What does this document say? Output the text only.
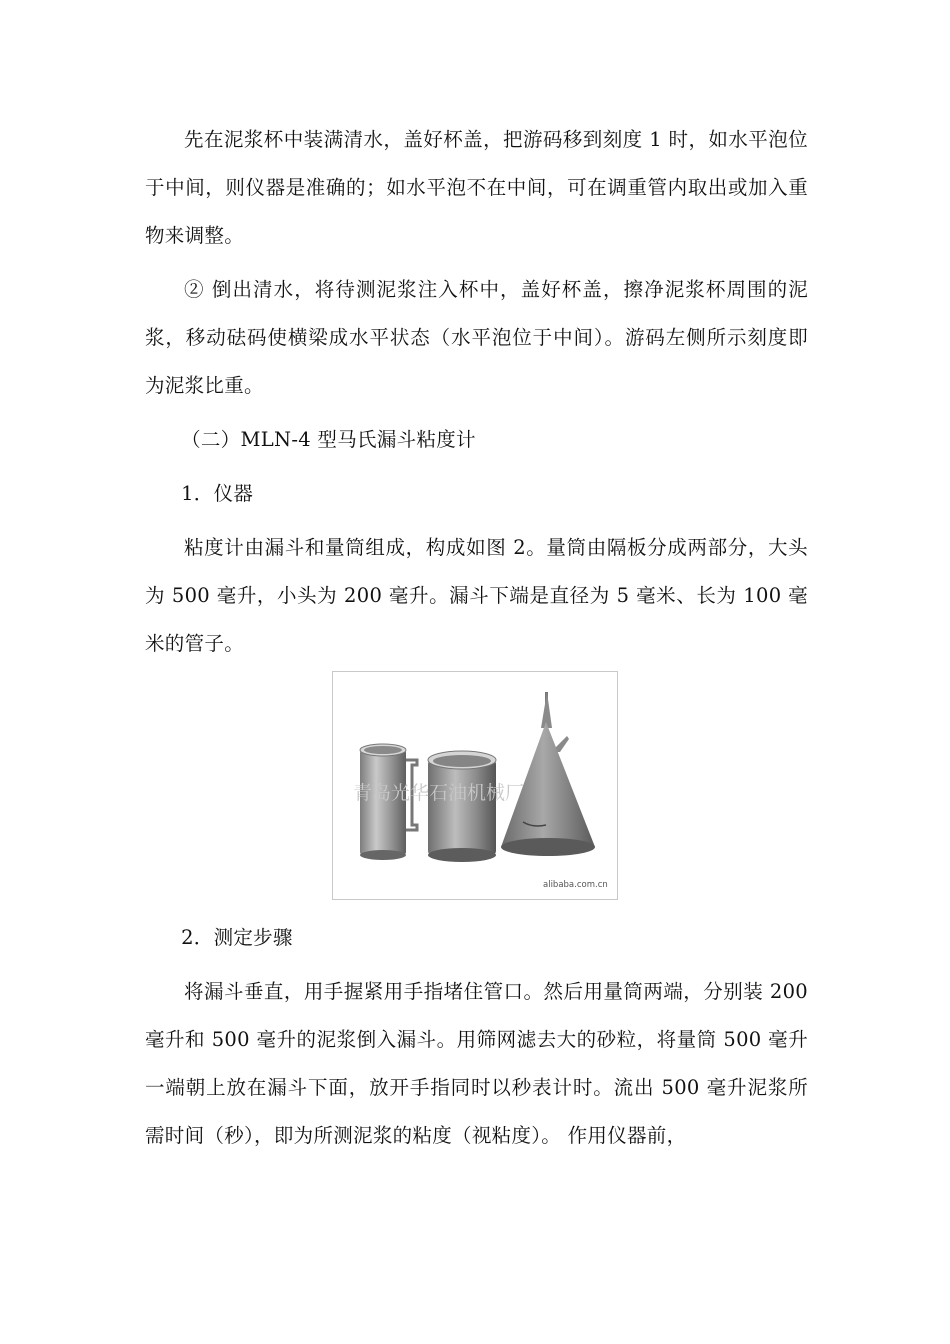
先在泥浆杯中装满清水，盖好杯盖，把游码移到刻度 1 时，如水平泡位于中间，则仪器是准确的；如水平泡不在中间，可在调重管内取出或加入重物来调整。

② 倒出清水，将待测泥浆注入杯中，盖好杯盖，擦净泥浆杯周围的泥浆，移动砝码使横梁成水平状态（水平泡位于中间）。游码左侧所示刻度即为泥浆比重。

（二）MLN-4 型马氏漏斗粘度计

1．仪器

粘度计由漏斗和量筒组成，构成如图 2。量筒由隔板分成两部分，大头为 500 毫升，小头为 200 毫升。漏斗下端是直径为 5 毫米、长为 100 毫米的管子。

青岛光华石油机械厂
alibaba.com.cn

2．测定步骤

将漏斗垂直，用手握紧用手指堵住管口。然后用量筒两端，分别装 200 毫升和 500 毫升的泥浆倒入漏斗。用筛网滤去大的砂粒，将量筒 500 毫升一端朝上放在漏斗下面，放开手指同时以秒表计时。流出 500 毫升泥浆所需时间（秒），即为所测泥浆的粘度（视粘度）。 作用仪器前，
